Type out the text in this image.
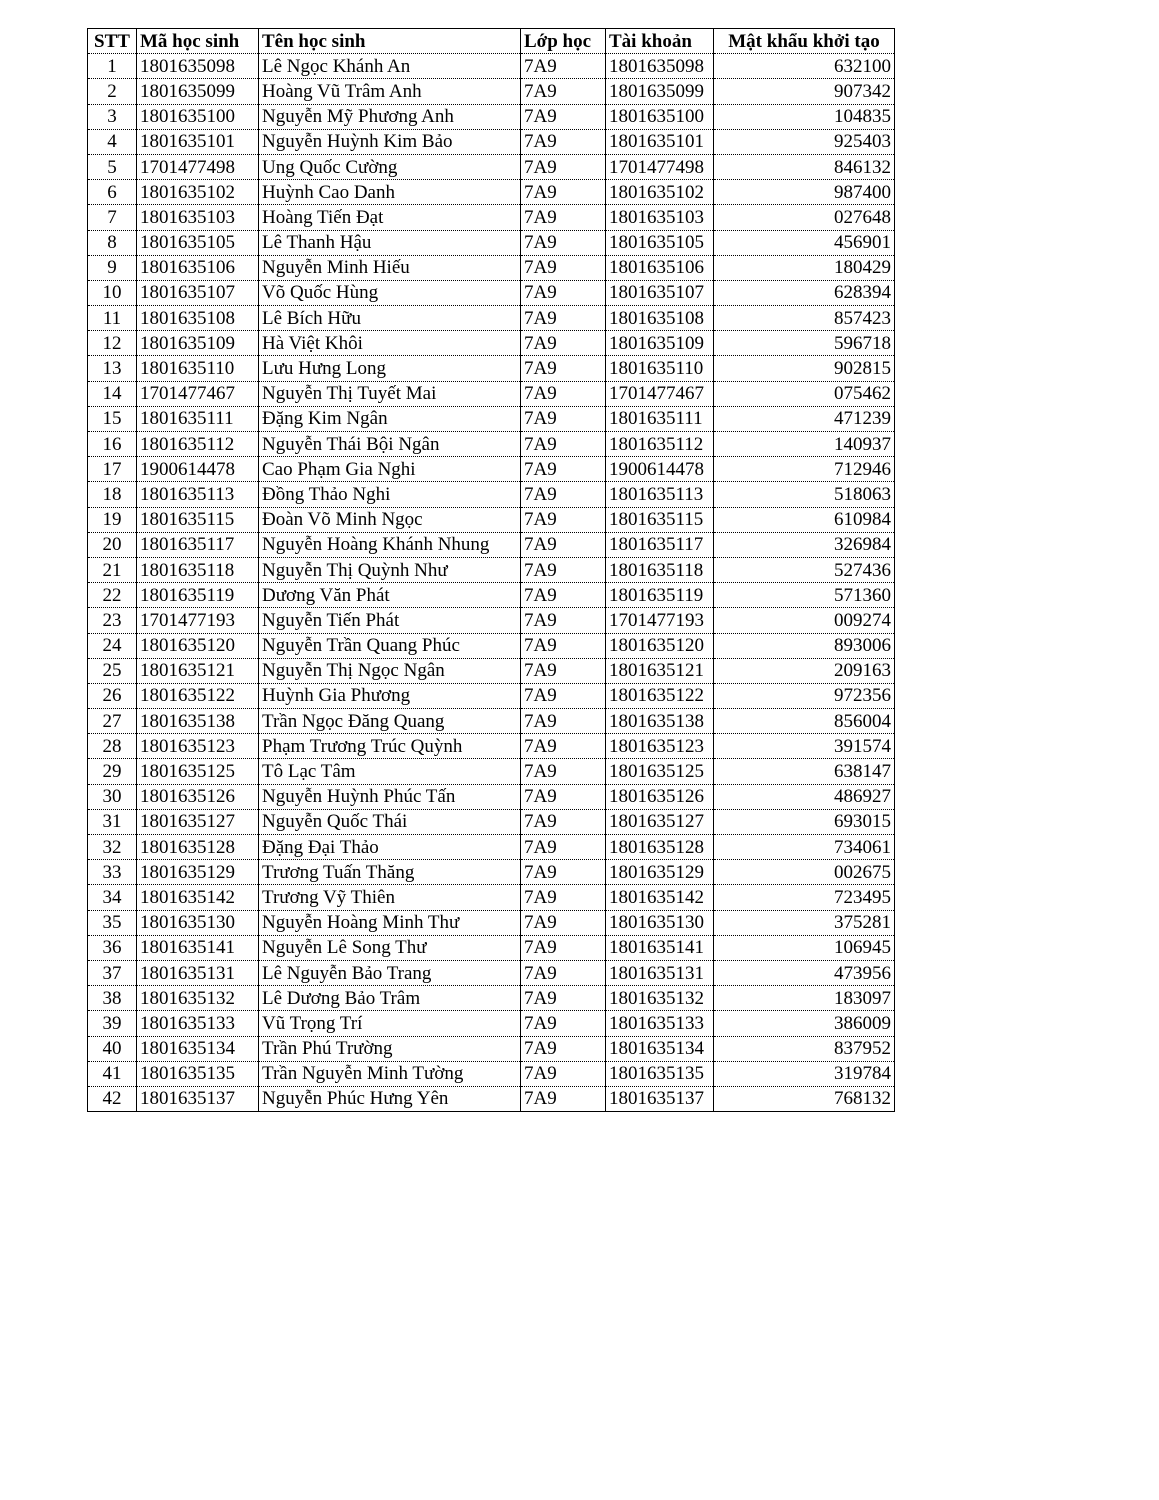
STT	Mã học sinh	Tên học sinh	Lớp học	Tài khoản	Mật khẩu khởi tạo
1	1801635098	Lê Ngọc Khánh An	7A9	1801635098	632100
2	1801635099	Hoàng Vũ Trâm Anh	7A9	1801635099	907342
3	1801635100	Nguyễn Mỹ Phương Anh	7A9	1801635100	104835
4	1801635101	Nguyễn Huỳnh Kim Bảo	7A9	1801635101	925403
5	1701477498	Ung Quốc Cường	7A9	1701477498	846132
6	1801635102	Huỳnh Cao Danh	7A9	1801635102	987400
7	1801635103	Hoàng Tiến Đạt	7A9	1801635103	027648
8	1801635105	Lê Thanh Hậu	7A9	1801635105	456901
9	1801635106	Nguyễn Minh Hiếu	7A9	1801635106	180429
10	1801635107	Võ Quốc Hùng	7A9	1801635107	628394
11	1801635108	Lê Bích Hữu	7A9	1801635108	857423
12	1801635109	Hà Việt Khôi	7A9	1801635109	596718
13	1801635110	Lưu Hưng Long	7A9	1801635110	902815
14	1701477467	Nguyễn Thị Tuyết Mai	7A9	1701477467	075462
15	1801635111	Đặng Kim Ngân	7A9	1801635111	471239
16	1801635112	Nguyễn Thái Bội Ngân	7A9	1801635112	140937
17	1900614478	Cao Phạm Gia Nghi	7A9	1900614478	712946
18	1801635113	Đồng Thảo Nghi	7A9	1801635113	518063
19	1801635115	Đoàn Võ Minh Ngọc	7A9	1801635115	610984
20	1801635117	Nguyễn Hoàng Khánh Nhung	7A9	1801635117	326984
21	1801635118	Nguyễn Thị Quỳnh Như	7A9	1801635118	527436
22	1801635119	Dương Văn Phát	7A9	1801635119	571360
23	1701477193	Nguyễn Tiến Phát	7A9	1701477193	009274
24	1801635120	Nguyễn Trần Quang Phúc	7A9	1801635120	893006
25	1801635121	Nguyễn Thị Ngọc Ngân	7A9	1801635121	209163
26	1801635122	Huỳnh Gia Phương	7A9	1801635122	972356
27	1801635138	Trần Ngọc Đăng Quang	7A9	1801635138	856004
28	1801635123	Phạm Trương Trúc Quỳnh	7A9	1801635123	391574
29	1801635125	Tô Lạc Tâm	7A9	1801635125	638147
30	1801635126	Nguyễn Huỳnh Phúc Tấn	7A9	1801635126	486927
31	1801635127	Nguyễn Quốc Thái	7A9	1801635127	693015
32	1801635128	Đặng Đại Thảo	7A9	1801635128	734061
33	1801635129	Trương Tuấn Thăng	7A9	1801635129	002675
34	1801635142	Trương Vỹ Thiên	7A9	1801635142	723495
35	1801635130	Nguyễn Hoàng Minh Thư	7A9	1801635130	375281
36	1801635141	Nguyễn Lê Song Thư	7A9	1801635141	106945
37	1801635131	Lê Nguyễn Bảo Trang	7A9	1801635131	473956
38	1801635132	Lê Dương Bảo Trâm	7A9	1801635132	183097
39	1801635133	Vũ Trọng Trí	7A9	1801635133	386009
40	1801635134	Trần Phú Trường	7A9	1801635134	837952
41	1801635135	Trần Nguyễn Minh Tường	7A9	1801635135	319784
42	1801635137	Nguyễn Phúc Hưng Yên	7A9	1801635137	768132
